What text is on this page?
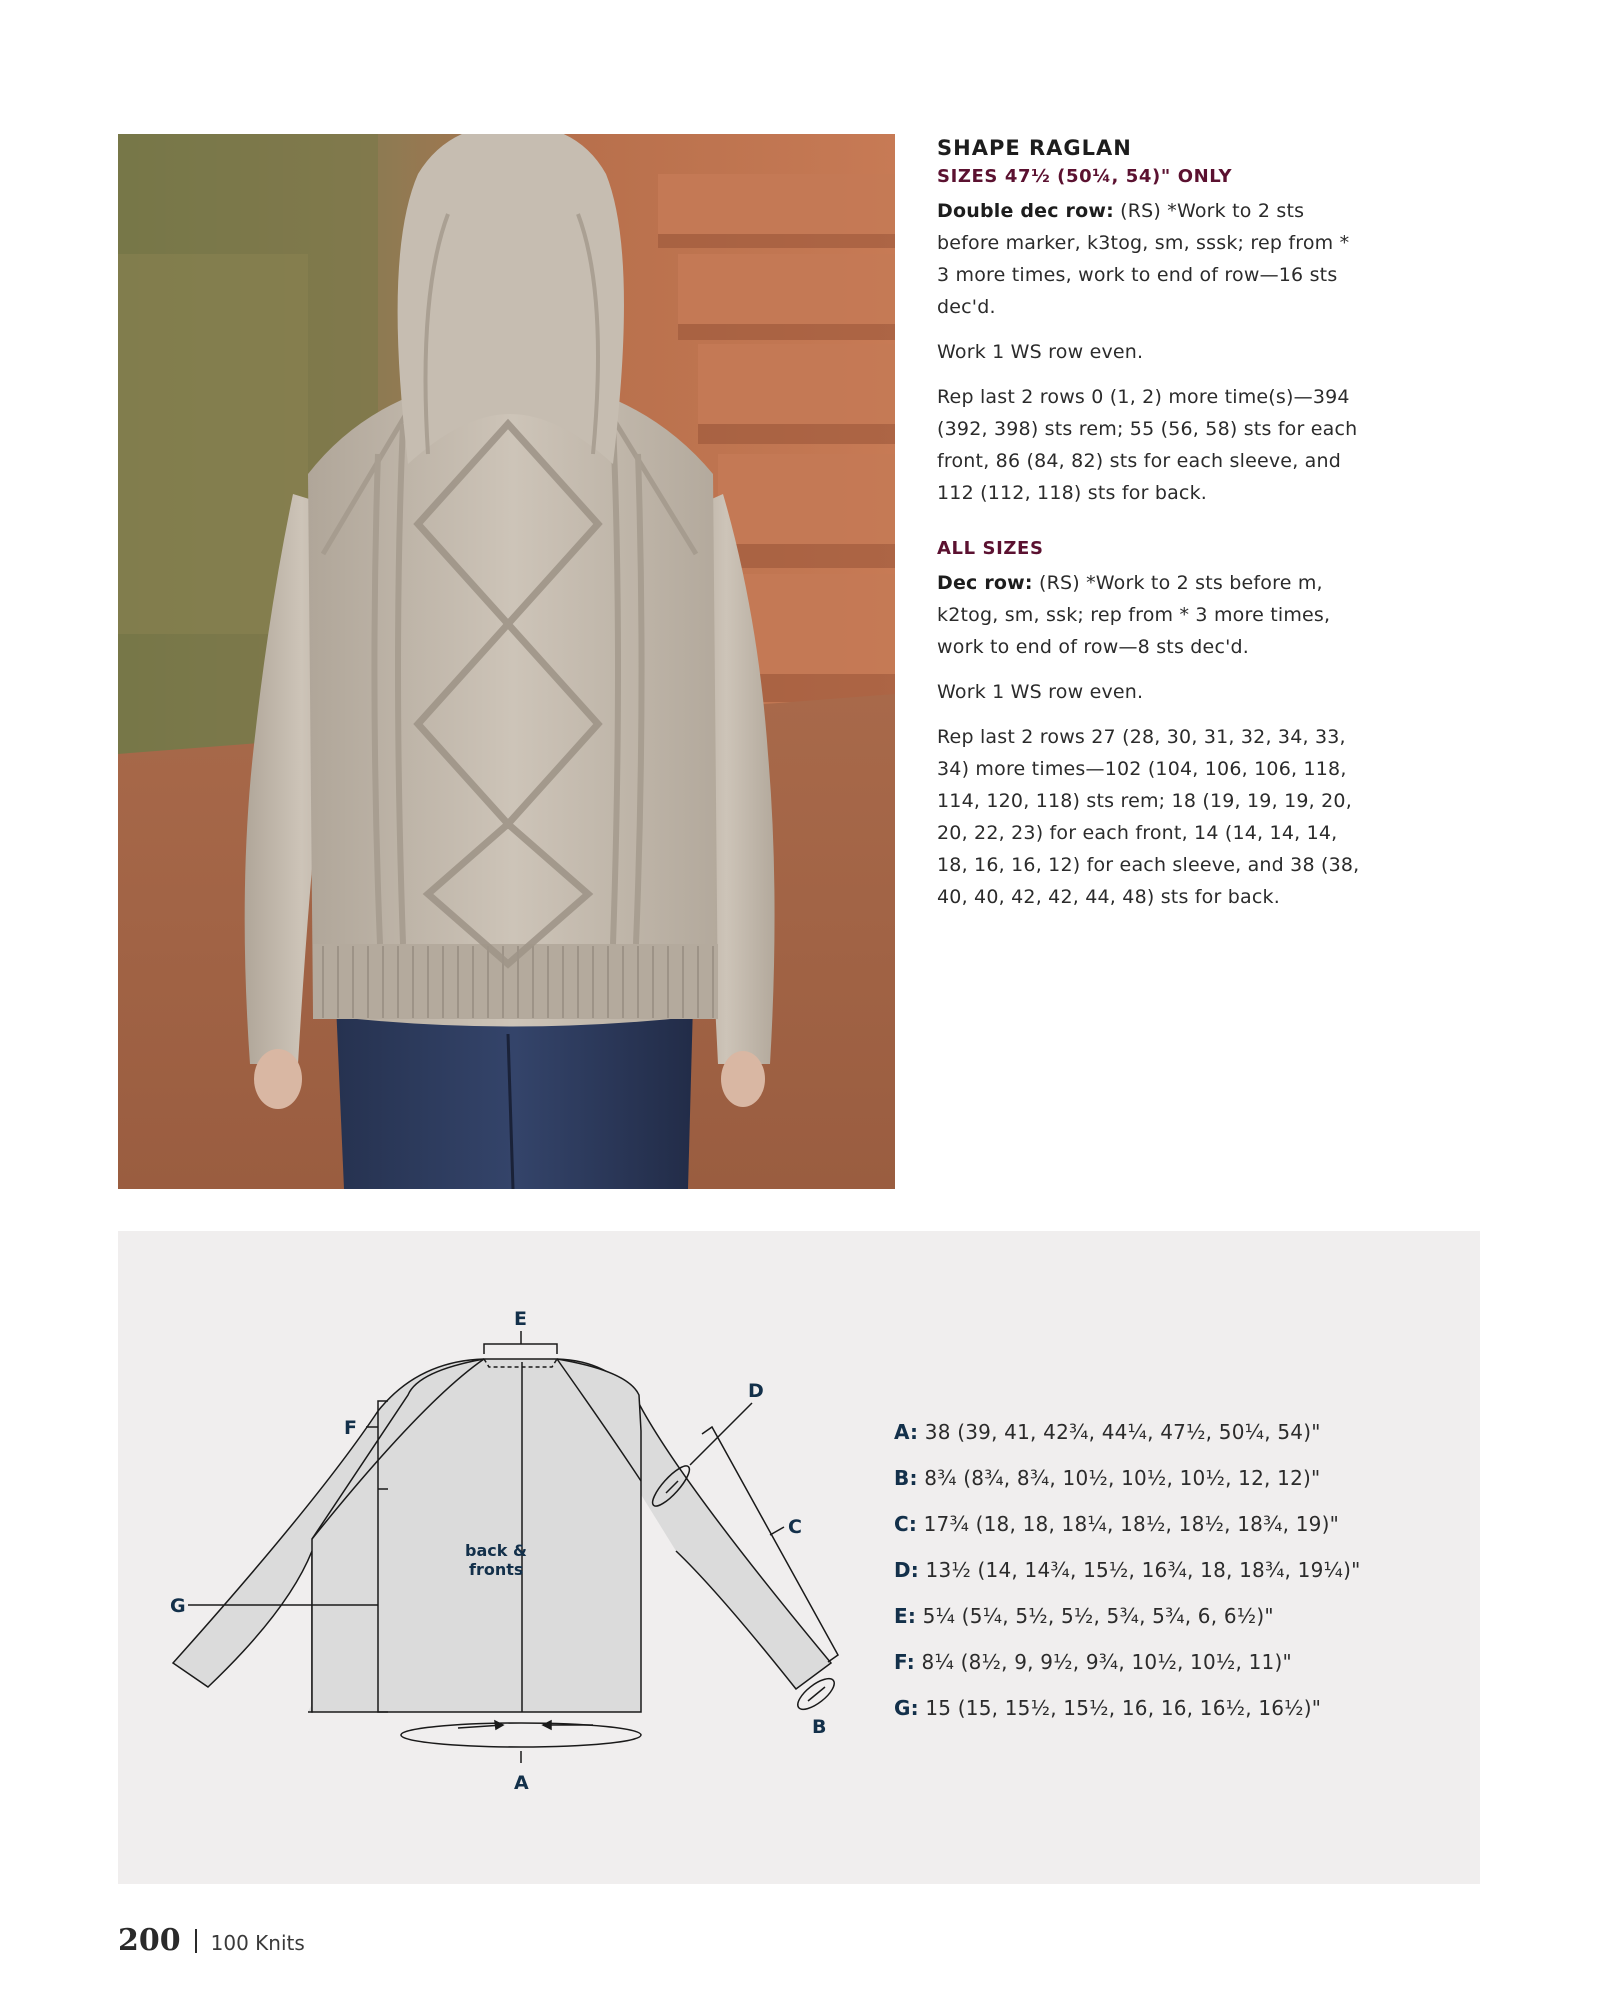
SHAPE RAGLAN
SIZES 47½ (50¼, 54)" ONLY

Double dec row: (RS) *Work to 2 sts before marker, k3tog, sm, sssk; rep from * 3 more times, work to end of row—16 sts dec'd.

Work 1 WS row even.

Rep last 2 rows 0 (1, 2) more time(s)—394 (392, 398) sts rem; 55 (56, 58) sts for each front, 86 (84, 82) sts for each sleeve, and 112 (112, 118) sts for back.

ALL SIZES

Dec row: (RS) *Work to 2 sts before m, k2tog, sm, ssk; rep from * 3 more times, work to end of row—8 sts dec'd.

Work 1 WS row even.

Rep last 2 rows 27 (28, 30, 31, 32, 34, 33, 34) more times—102 (104, 106, 106, 118, 114, 120, 118) sts rem; 18 (19, 19, 19, 20, 20, 22, 23) for each front, 14 (14, 14, 14, 18, 16, 16, 12) for each sleeve, and 38 (38, 40, 40, 42, 42, 44, 48) sts for back.

A
E
F
G
D
C
B
back &
fronts
A: 38 (39, 41, 42¾, 44¼, 47½, 50¼, 54)"
B: 8¾ (8¾, 8¾, 10½, 10½, 10½, 12, 12)"
C: 17¾ (18, 18, 18¼, 18½, 18½, 18¾, 19)"
D: 13½ (14, 14¾, 15½, 16¾, 18, 18¾, 19¼)"
E: 5¼ (5¼, 5½, 5½, 5¾, 5¾, 6, 6½)"
F: 8¼ (8½, 9, 9½, 9¾, 10½, 10½, 11)"
G: 15 (15, 15½, 15½, 16, 16, 16½, 16½)"
200 100 Knits
